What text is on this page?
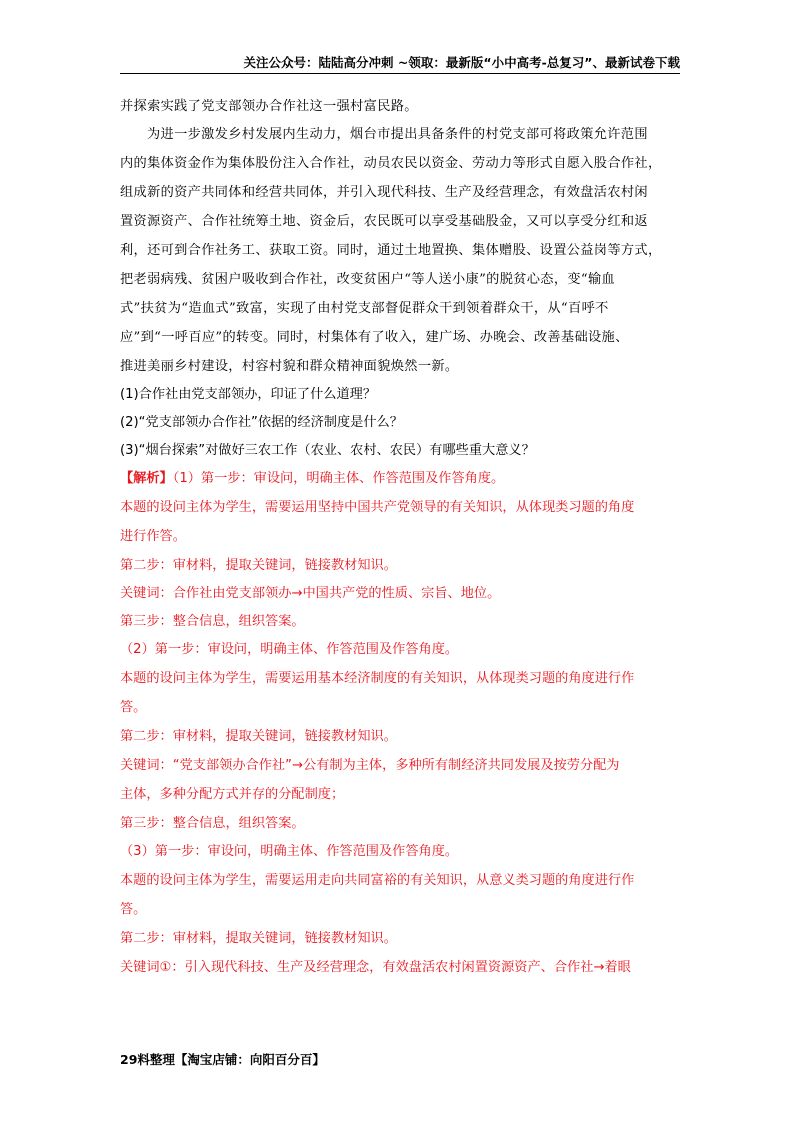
关注公众号：陆陆高分冲刺 ~领取：最新版“小中高考-总复习”、最新试卷下载
并探索实践了党支部领办合作社这一强村富民路。
为进一步激发乡村发展内生动力，烟台市提出具备条件的村党支部可将政策允许范围
内的集体资金作为集体股份注入合作社，动员农民以资金、劳动力等形式自愿入股合作社，
组成新的资产共同体和经营共同体，并引入现代科技、生产及经营理念，有效盘活农村闲
置资源资产、合作社统筹土地、资金后，农民既可以享受基础股金，又可以享受分红和返
利，还可到合作社务工、获取工资。同时，通过土地置换、集体赠股、设置公益岗等方式，
把老弱病残、贫困户吸收到合作社，改变贫困户“等人送小康”的脱贫心态，变“输血
式”扶贫为“造血式”致富，实现了由村党支部督促群众干到领着群众干，从“百呼不
应”到“一呼百应”的转变。同时，村集体有了收入，建广场、办晚会、改善基础设施、
推进美丽乡村建设，村容村貌和群众精神面貌焕然一新。
(1)合作社由党支部领办，印证了什么道理？
(2)“党支部领办合作社”依据的经济制度是什么？
(3)“烟台探索”对做好三农工作（农业、农村、农民）有哪些重大意义？
【解析】（1）第一步：审设问，明确主体、作答范围及作答角度。
本题的设问主体为学生，需要运用坚持中国共产党领导的有关知识，从体现类习题的角度
进行作答。
第二步：审材料，提取关键词，链接教材知识。
关键词：合作社由党支部领办→中国共产党的性质、宗旨、地位。
第三步：整合信息，组织答案。
（2）第一步：审设问，明确主体、作答范围及作答角度。
本题的设问主体为学生，需要运用基本经济制度的有关知识，从体现类习题的角度进行作
答。
第二步：审材料，提取关键词，链接教材知识。
关键词：“党支部领办合作社”→公有制为主体，多种所有制经济共同发展及按劳分配为
主体，多种分配方式并存的分配制度；
第三步：整合信息，组织答案。
（3）第一步：审设问，明确主体、作答范围及作答角度。
本题的设问主体为学生，需要运用走向共同富裕的有关知识，从意义类习题的角度进行作
答。
第二步：审材料，提取关键词，链接教材知识。
关键词①：引入现代科技、生产及经营理念，有效盘活农村闲置资源资产、合作社→着眼
29料整理【淘宝店铺：向阳百分百】
